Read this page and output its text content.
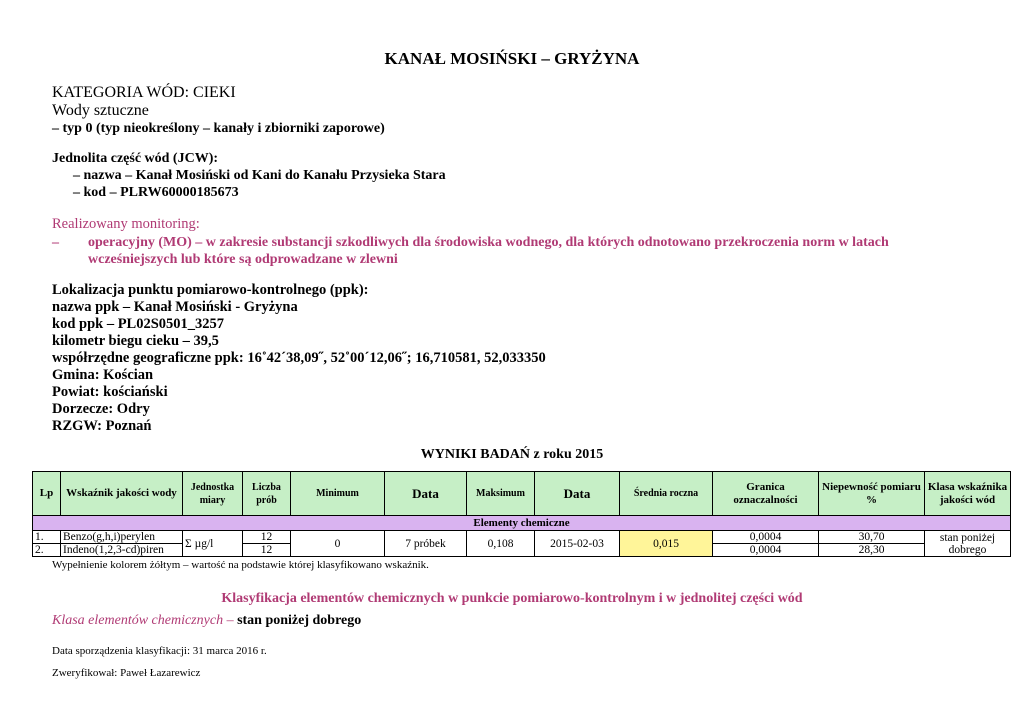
KANAŁ MOSIŃSKI – GRYŻYNA
KATEGORIA WÓD: CIEKI
Wody sztuczne
– typ 0 (typ nieokreślony – kanały i zbiorniki zaporowe)
Jednolita część wód (JCW):
– nazwa – Kanał Mosiński od Kani do Kanału Przysieka Stara
– kod – PLRW60000185673
Realizowany monitoring:
– operacyjny (MO) – w zakresie substancji szkodliwych dla środowiska wodnego, dla których odnotowano przekroczenia norm w latach
wcześniejszych lub które są odprowadzane w zlewni
Lokalizacja punktu pomiarowo-kontrolnego (ppk):
nazwa ppk – Kanał Mosiński - Gryżyna
kod ppk – PL02S0501_3257
kilometr biegu cieku – 39,5
współrzędne geograficzne ppk: 16˚42´38,09˝, 52˚00´12,06˝; 16,710581, 52,033350
Gmina: Kościan
Powiat: kościański
Dorzecze: Odry
RZGW: Poznań
WYNIKI BADAŃ z roku 2015
Lp	Wskaźnik jakości wody	Jednostka miary	Liczba prób	Minimum	Data	Maksimum	Data	Średnia roczna	Granica oznaczalności	Niepewność pomiaru %	Klasa wskaźnika jakości wód
Elementy chemiczne											
1.	Benzo(g,h,i)perylen	Σ µg/l	12	0	7 próbek	0,108	2015-02-03	0,015	0,0004	30,70	stan poniżej dobrego
2.	Indeno(1,2,3-cd)piren		12						0,0004	28,30	
Wypełnienie kolorem żółtym – wartość na podstawie której klasyfikowano wskaźnik.
Klasyfikacja elementów chemicznych w punkcie pomiarowo-kontrolnym i w jednolitej części wód
Klasa elementów chemicznych – stan poniżej dobrego
Data sporządzenia klasyfikacji: 31 marca 2016 r.
Zweryfikował: Paweł Łazarewicz
